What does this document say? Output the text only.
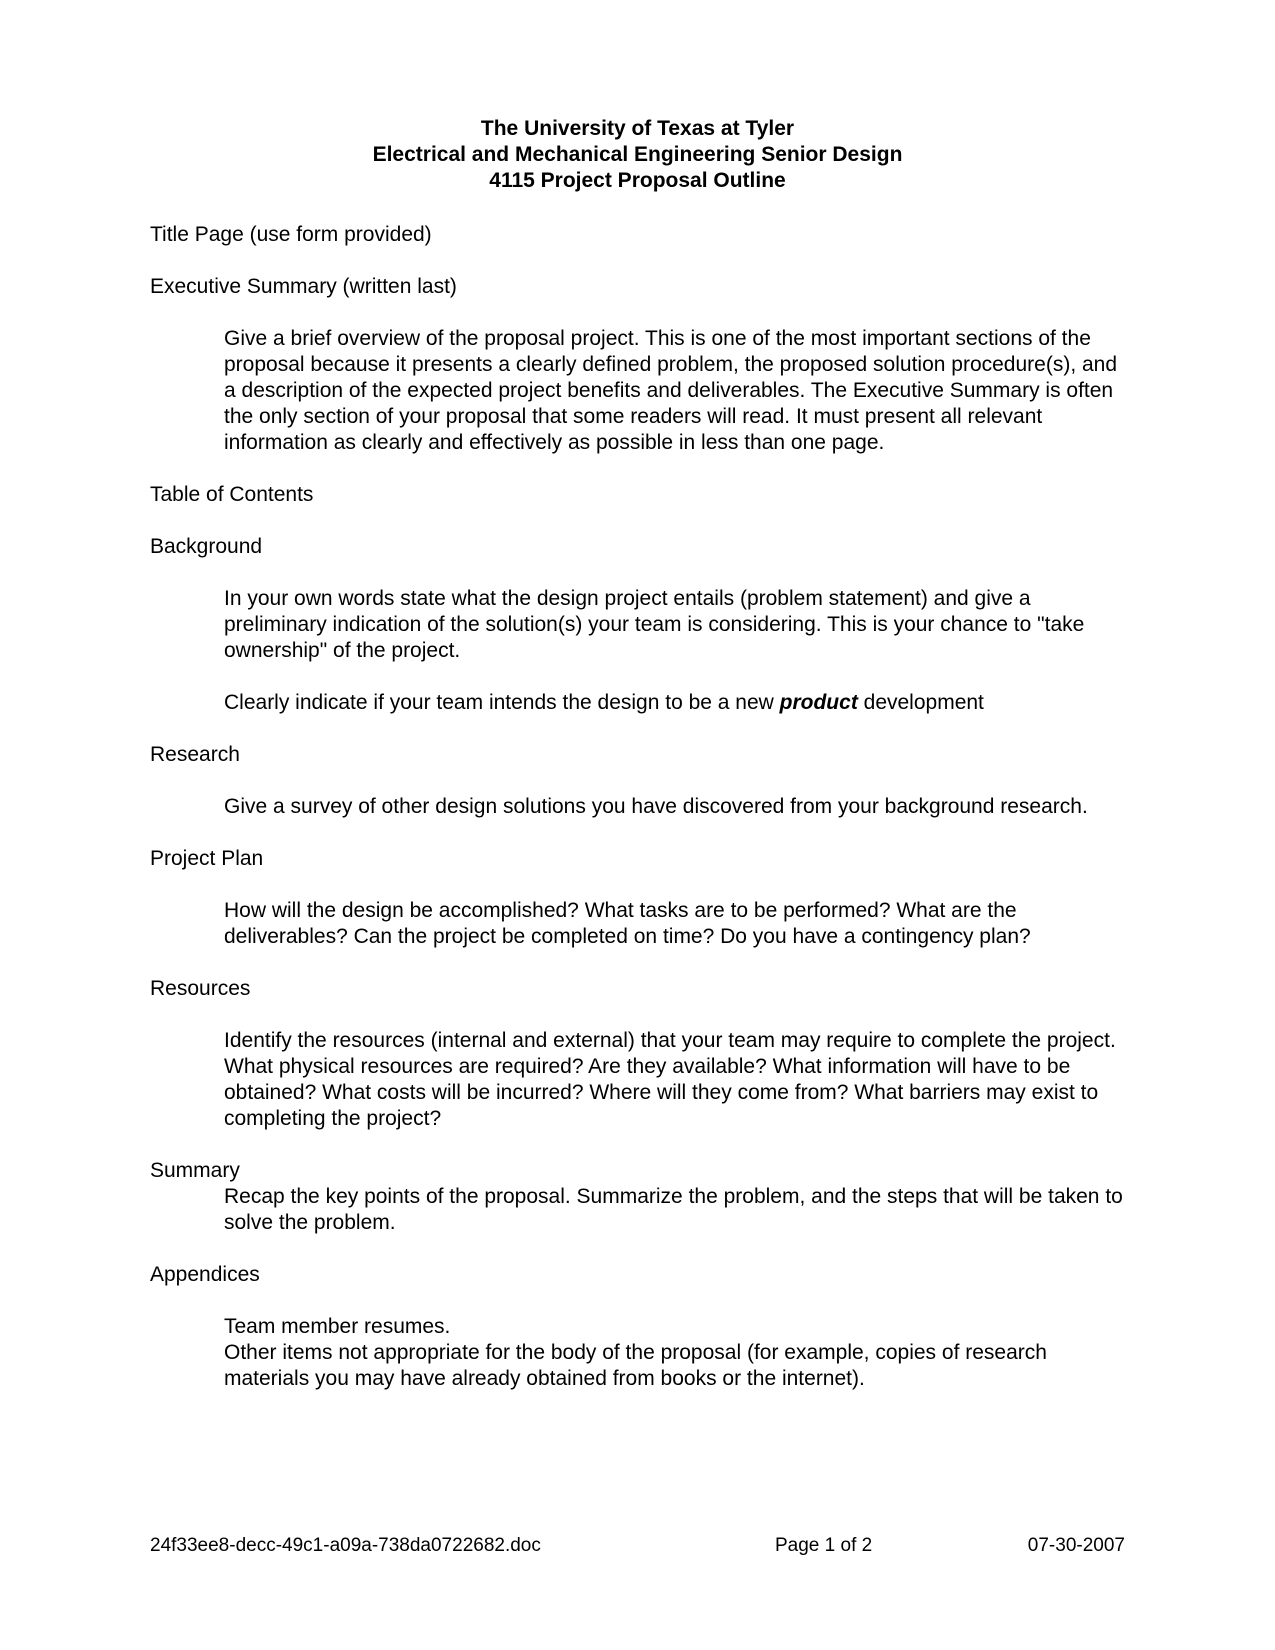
The University of Texas at Tyler
Electrical and Mechanical Engineering Senior Design
4115 Project Proposal Outline
Title Page (use form provided)
Executive Summary (written last)
Give a brief overview of the proposal project. This is one of the most important sections of the proposal because it presents a clearly defined problem, the proposed solution procedure(s), and a description of the expected project benefits and deliverables. The Executive Summary is often the only section of your proposal that some readers will read. It must present all relevant information as clearly and effectively as possible in less than one page.
Table of Contents
Background
In your own words state what the design project entails (problem statement) and give a preliminary indication of the solution(s) your team is considering. This is your chance to "take ownership" of the project.
Clearly indicate if your team intends the design to be a new product development
Research
Give a survey of other design solutions you have discovered from your background research.
Project Plan
How will the design be accomplished? What tasks are to be performed? What are the deliverables? Can the project be completed on time? Do you have a contingency plan?
Resources
Identify the resources (internal and external) that your team may require to complete the project. What physical resources are required? Are they available? What information will have to be obtained? What costs will be incurred? Where will they come from? What barriers may exist to completing the project?
Summary
Recap the key points of the proposal. Summarize the problem, and the steps that will be taken to solve the problem.
Appendices
Team member resumes.
Other items not appropriate for the body of the proposal (for example, copies of research materials you may have already obtained from books or the internet).
24f33ee8-decc-49c1-a09a-738da0722682.doc	Page 1 of 2	07-30-2007
